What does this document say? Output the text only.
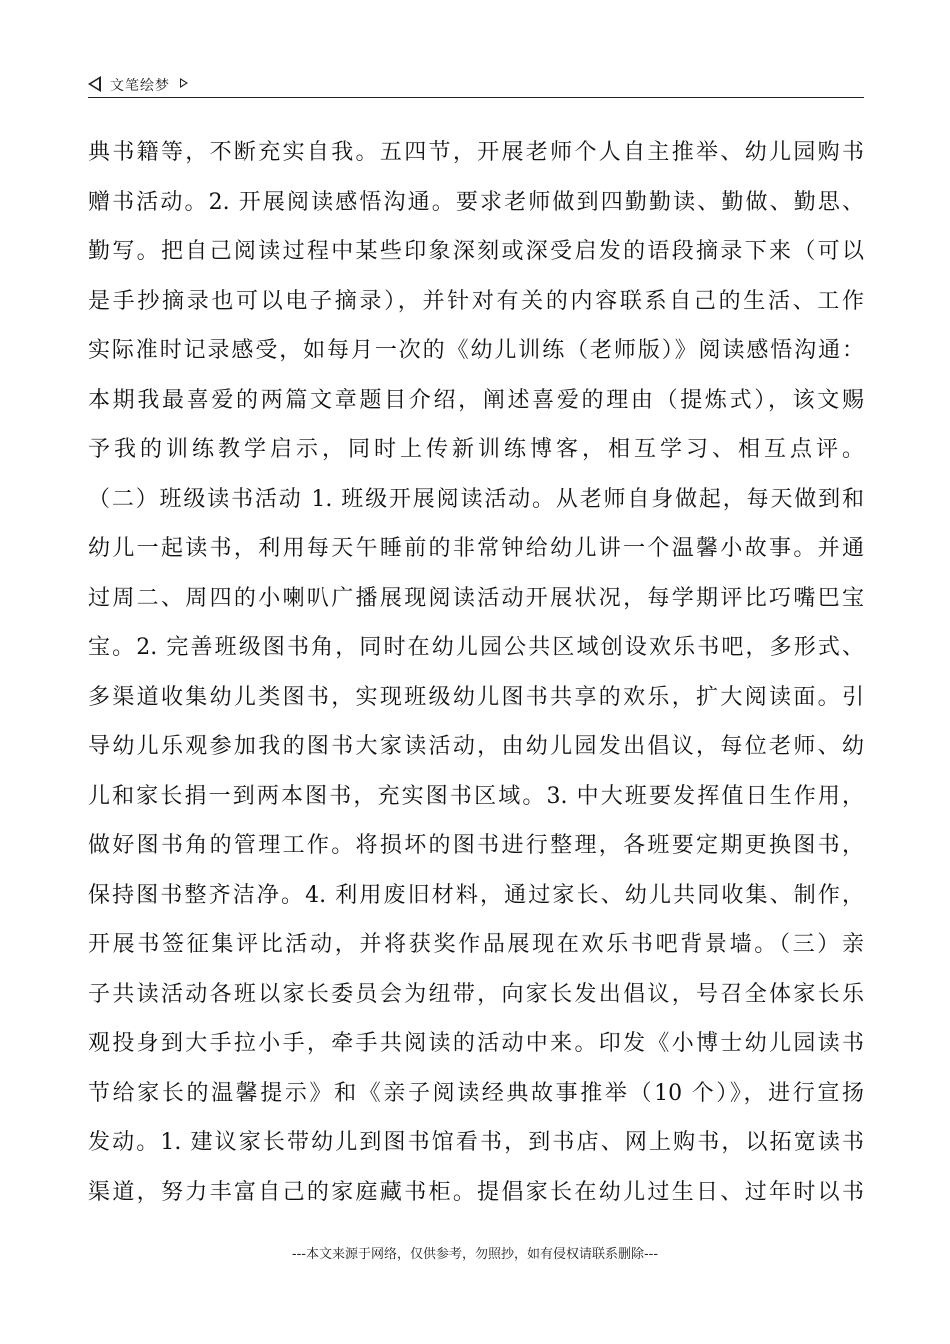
文笔绘梦
典书籍等，不断充实自我。五四节，开展老师个人自主推举、幼儿园购书
赠书活动。2. 开展阅读感悟沟通。要求老师做到四勤勤读、勤做、勤思、
勤写。把自己阅读过程中某些印象深刻或深受启发的语段摘录下来（可以
是手抄摘录也可以电子摘录），并针对有关的内容联系自己的生活、工作
实际准时记录感受，如每月一次的《幼儿训练（老师版）》阅读感悟沟通：
本期我最喜爱的两篇文章题目介绍，阐述喜爱的理由（提炼式），该文赐
予我的训练教学启示，同时上传新训练博客，相互学习、相互点评。
（二）班级读书活动 1. 班级开展阅读活动。从老师自身做起，每天做到和
幼儿一起读书，利用每天午睡前的非常钟给幼儿讲一个温馨小故事。并通
过周二、周四的小喇叭广播展现阅读活动开展状况，每学期评比巧嘴巴宝
宝。2. 完善班级图书角，同时在幼儿园公共区域创设欢乐书吧，多形式、
多渠道收集幼儿类图书，实现班级幼儿图书共享的欢乐，扩大阅读面。引
导幼儿乐观参加我的图书大家读活动，由幼儿园发出倡议，每位老师、幼
儿和家长捐一到两本图书，充实图书区域。3. 中大班要发挥值日生作用，
做好图书角的管理工作。将损坏的图书进行整理，各班要定期更换图书，
保持图书整齐洁净。4. 利用废旧材料，通过家长、幼儿共同收集、制作，
开展书签征集评比活动，并将获奖作品展现在欢乐书吧背景墙。（三）亲
子共读活动各班以家长委员会为纽带，向家长发出倡议，号召全体家长乐
观投身到大手拉小手，牵手共阅读的活动中来。印发《小博士幼儿园读书
节给家长的温馨提示》和《亲子阅读经典故事推举（10 个）》，进行宣扬
发动。1. 建议家长带幼儿到图书馆看书，到书店、网上购书，以拓宽读书
渠道，努力丰富自己的家庭藏书柜。提倡家长在幼儿过生日、过年时以书
---本文来源于网络，仅供参考，勿照抄，如有侵权请联系删除---
